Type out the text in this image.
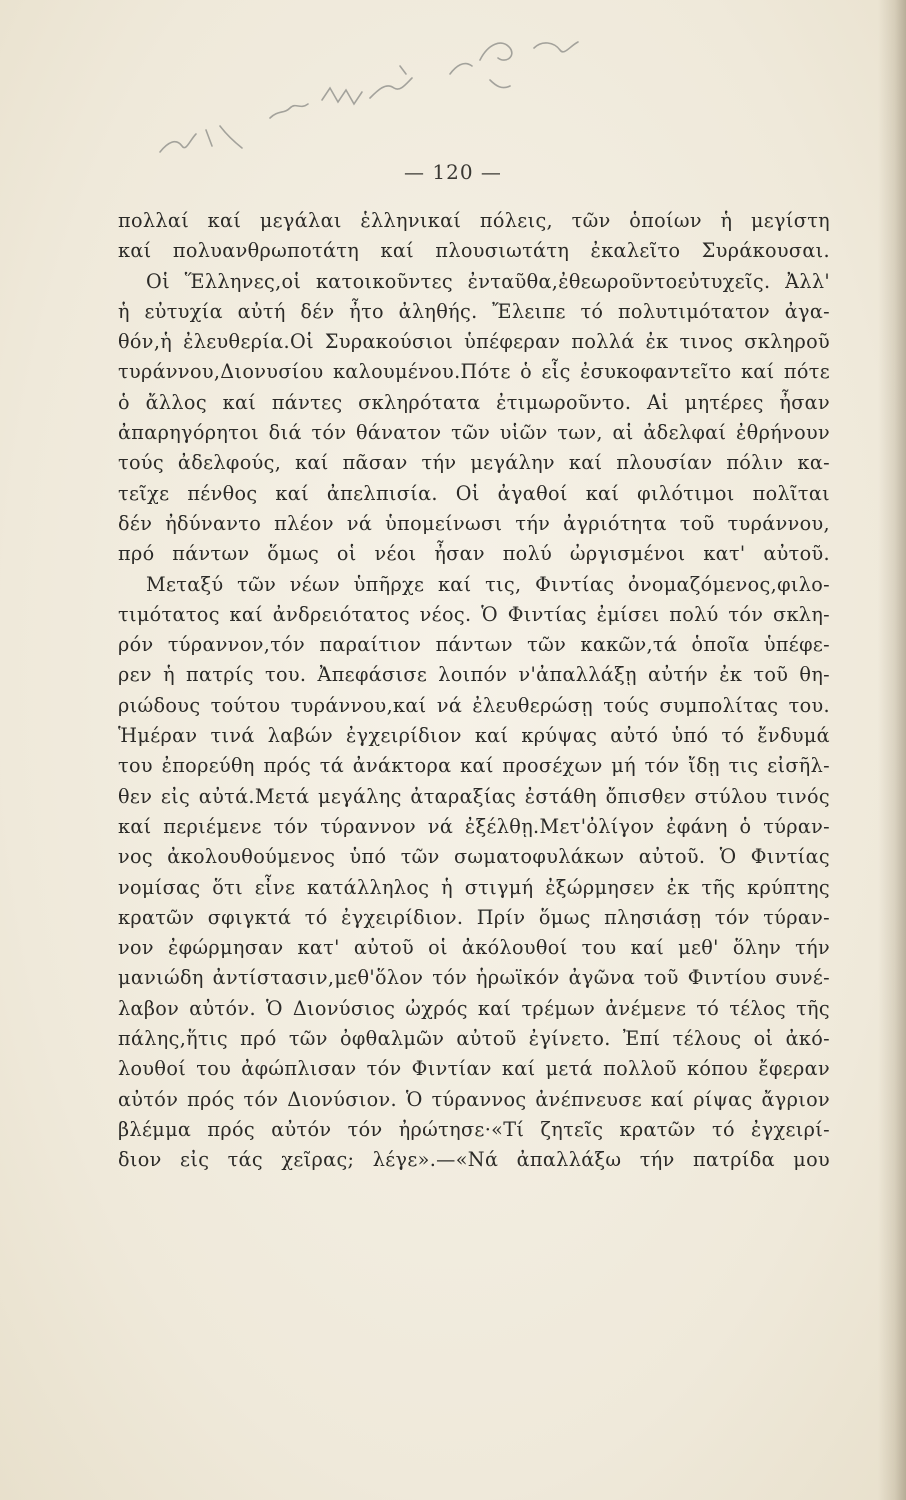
— 120 —
πολλαί καί μεγάλαι ἑλληνικαί πόλεις, τῶν ὁποίων ἡ μεγίστη
καί πολυανθρωποτάτη καί πλουσιωτάτη ἐκαλεῖτο Συράκουσαι.
Οἱ Ἕλληνες,οἱ κατοικοῦντες ἐνταῦθα,ἐθεωροῦντοεὐτυχεῖς. Ἀλλ'
ἡ εὐτυχία αὐτή δέν ἦτο ἀληθής. Ἔλειπε τό πολυτιμότατον ἀγα-
θόν,ἡ ἐλευθερία.Οἱ Συρακούσιοι ὑπέφεραν πολλά ἐκ τινος σκληροῦ
τυράννου,Διονυσίου καλουμένου.Πότε ὁ εἷς ἐσυκοφαντεῖτο καί πότε
ὁ ἄλλος καί πάντες σκληρότατα ἐτιμωροῦντο. Αἱ μητέρες ἦσαν
ἀπαρηγόρητοι διά τόν θάνατον τῶν υἱῶν των, αἱ ἀδελφαί ἐθρήνουν
τούς ἀδελφούς, καί πᾶσαν τήν μεγάλην καί πλουσίαν πόλιν κα-
τεῖχε πένθος καί ἀπελπισία. Οἱ ἀγαθοί καί φιλότιμοι πολῖται
δέν ἠδύναντο πλέον νά ὑπομείνωσι τήν ἀγριότητα τοῦ τυράννου,
πρό πάντων ὅμως οἱ νέοι ἦσαν πολύ ὠργισμένοι κατ' αὐτοῦ.
Μεταξύ τῶν νέων ὑπῆρχε καί τις, Φιντίας ὀνομαζόμενος,φιλο-
τιμότατος καί ἀνδρειότατος νέος. Ὁ Φιντίας ἐμίσει πολύ τόν σκλη-
ρόν τύραννον,τόν παραίτιον πάντων τῶν κακῶν,τά ὁποῖα ὑπέφε-
ρεν ἡ πατρίς του. Ἀπεφάσισε λοιπόν ν'ἀπαλλάξῃ αὐτήν ἐκ τοῦ θη-
ριώδους τούτου τυράννου,καί νά ἐλευθερώσῃ τούς συμπολίτας του.
Ἡμέραν τινά λαβών ἐγχειρίδιον καί κρύψας αὐτό ὑπό τό ἔνδυμά
του ἐπορεύθη πρός τά ἀνάκτορα καί προσέχων μή τόν ἴδῃ τις εἰσῆλ-
θεν εἰς αὐτά.Μετά μεγάλης ἀταραξίας ἐστάθη ὄπισθεν στύλου τινός
καί περιέμενε τόν τύραννον νά ἐξέλθῃ.Μετ'ὀλίγον ἐφάνη ὁ τύραν-
νος ἀκολουθούμενος ὑπό τῶν σωματοφυλάκων αὐτοῦ. Ὁ Φιντίας
νομίσας ὅτι εἶνε κατάλληλος ἡ στιγμή ἐξώρμησεν ἐκ τῆς κρύπτης
κρατῶν σφιγκτά τό ἐγχειρίδιον. Πρίν ὅμως πλησιάσῃ τόν τύραν-
νον ἐφώρμησαν κατ' αὐτοῦ οἱ ἀκόλουθοί του καί μεθ' ὅλην τήν
μανιώδη ἀντίστασιν,μεθ'ὅλον τόν ἡρωϊκόν ἀγῶνα τοῦ Φιντίου συνέ-
λαβον αὐτόν. Ὁ Διονύσιος ὠχρός καί τρέμων ἀνέμενε τό τέλος τῆς
πάλης,ἥτις πρό τῶν ὀφθαλμῶν αὐτοῦ ἐγίνετο. Ἐπί τέλους οἱ ἀκό-
λουθοί του ἀφώπλισαν τόν Φιντίαν καί μετά πολλοῦ κόπου ἔφεραν
αὐτόν πρός τόν Διονύσιον. Ὁ τύραννος ἀνέπνευσε καί ρίψας ἄγριον
βλέμμα πρός αὐτόν τόν ἠρώτησε·«Τί ζητεῖς κρατῶν τό ἐγχειρί-
διον εἰς τάς χεῖρας; λέγε».—«Νά ἀπαλλάξω τήν πατρίδα μου
